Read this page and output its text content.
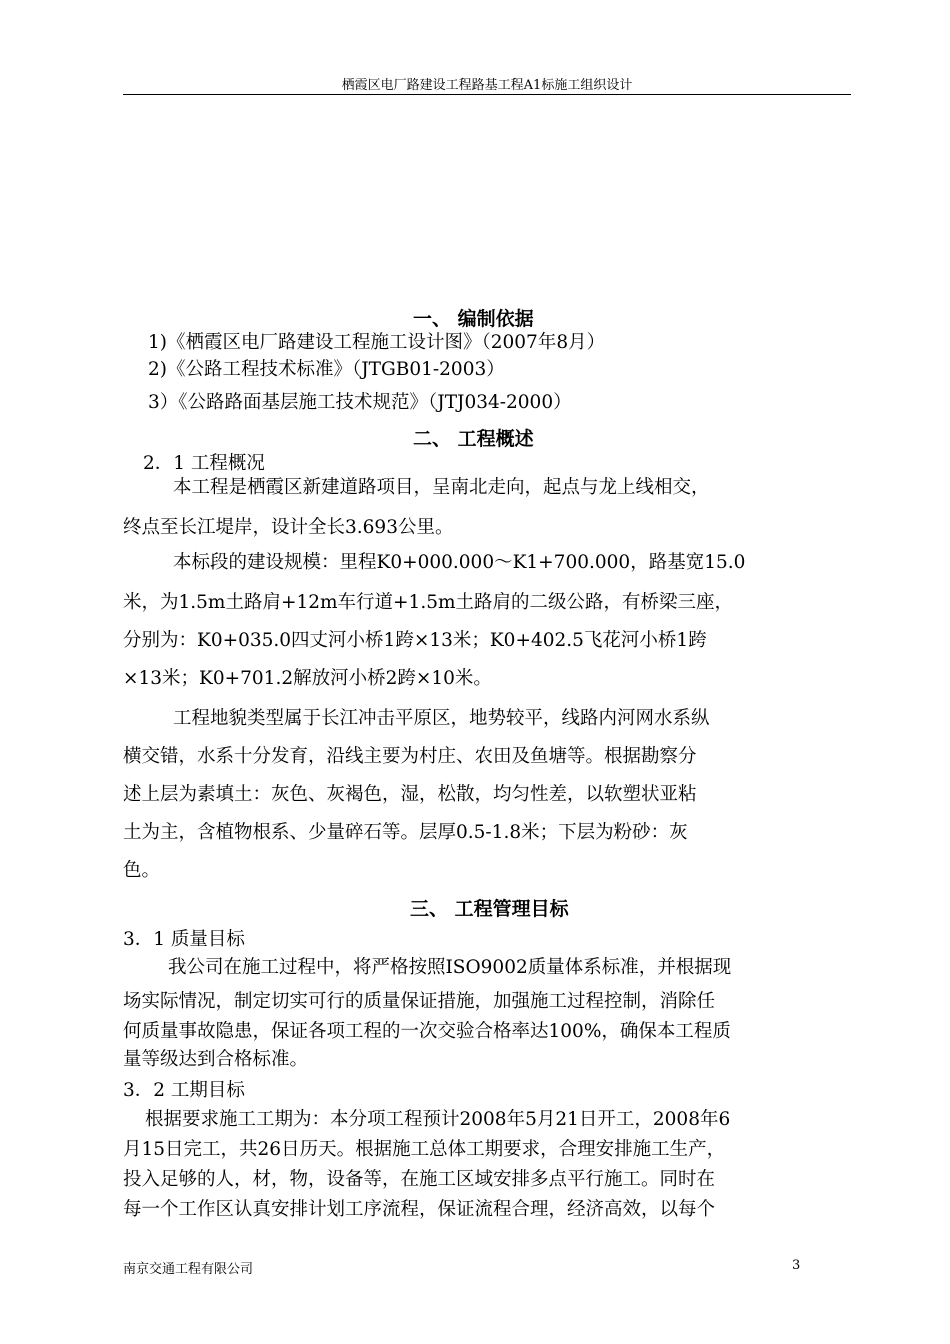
栖霞区电厂路建设工程路基工程A1标施工组织设计
一、 编制依据
1)《栖霞区电厂路建设工程施工设计图》（2007年8月）
2)《公路工程技术标准》（JTGB01-2003）
3）《公路路面基层施工技术规范》（JTJ034-2000）
二、 工程概述
2．1 工程概况
本工程是栖霞区新建道路项目，呈南北走向，起点与龙上线相交，
终点至长江堤岸，设计全长3.693公里。
本标段的建设规模：里程K0+000.000～K1+700.000，路基宽15.0
米，为1.5m土路肩+12m车行道+1.5m土路肩的二级公路，有桥梁三座，
分别为：K0+035.0四丈河小桥1跨×13米；K0+402.5飞花河小桥1跨
×13米；K0+701.2解放河小桥2跨×10米。
工程地貌类型属于长江冲击平原区，地势较平，线路内河网水系纵
横交错，水系十分发育，沿线主要为村庄、农田及鱼塘等。根据勘察分
述上层为素填土：灰色、灰褐色，湿，松散，均匀性差，以软塑状亚粘
土为主，含植物根系、少量碎石等。层厚0.5-1.8米；下层为粉砂：灰
色。
三、 工程管理目标
3．1 质量目标
我公司在施工过程中，将严格按照ISO9002质量体系标准，并根据现
场实际情况，制定切实可行的质量保证措施，加强施工过程控制，消除任
何质量事故隐患，保证各项工程的一次交验合格率达100%，确保本工程质
量等级达到合格标准。
3．2 工期目标
根据要求施工工期为：本分项工程预计2008年5月21日开工，2008年6
月15日完工，共26日历天。根据施工总体工期要求，合理安排施工生产，
投入足够的人，材，物，设备等，在施工区域安排多点平行施工。同时在
每一个工作区认真安排计划工序流程，保证流程合理，经济高效，以每个
南京交通工程有限公司	3
